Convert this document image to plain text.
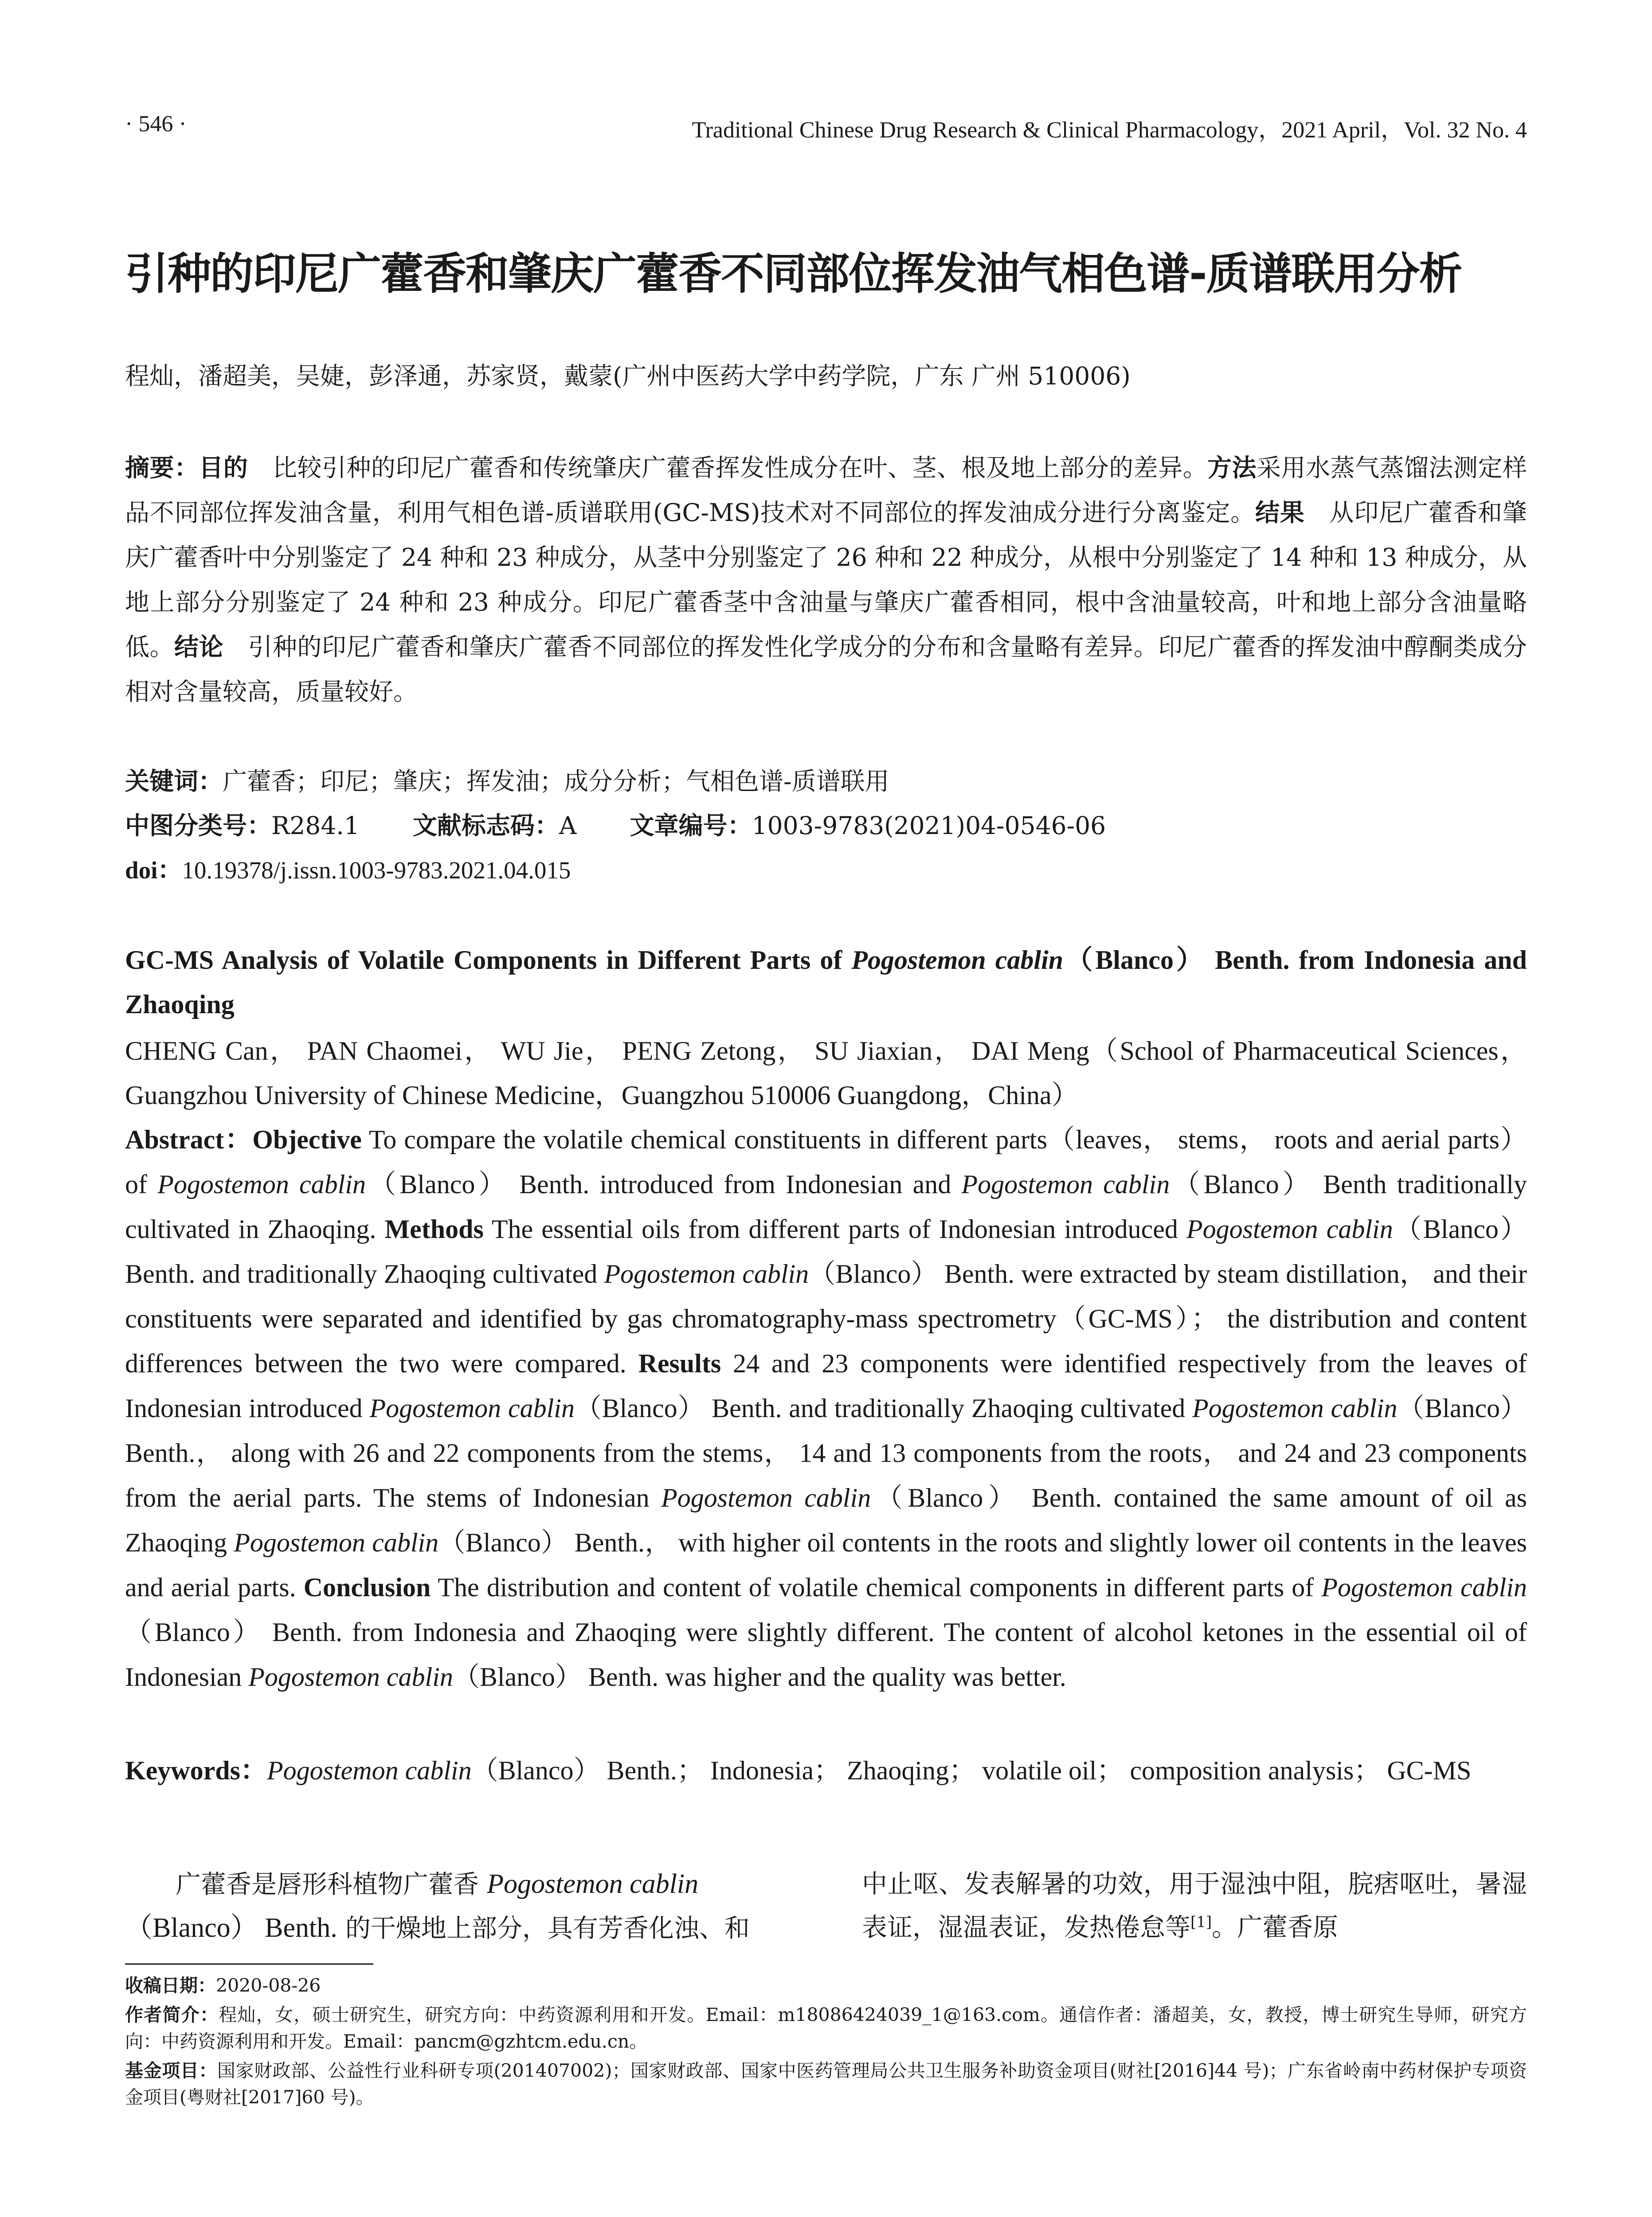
· 546 ·	Traditional Chinese Drug Research & Clinical Pharmacology，2021 April，Vol. 32 No. 4
引种的印尼广藿香和肇庆广藿香不同部位挥发油气相色谱-质谱联用分析
程灿，潘超美，吴婕，彭泽通，苏家贤，戴蒙(广州中医药大学中药学院，广东 广州 510006)
摘要：目的　比较引种的印尼广藿香和传统肇庆广藿香挥发性成分在叶、茎、根及地上部分的差异。方法采用水蒸气蒸馏法测定样品不同部位挥发油含量，利用气相色谱-质谱联用(GC-MS)技术对不同部位的挥发油成分进行分离鉴定。结果　从印尼广藿香和肇庆广藿香叶中分别鉴定了 24 种和 23 种成分，从茎中分别鉴定了 26 种和 22 种成分，从根中分别鉴定了 14 种和 13 种成分，从地上部分分别鉴定了 24 种和 23 种成分。印尼广藿香茎中含油量与肇庆广藿香相同，根中含油量较高，叶和地上部分含油量略低。结论　引种的印尼广藿香和肇庆广藿香不同部位的挥发性化学成分的分布和含量略有差异。印尼广藿香的挥发油中醇酮类成分相对含量较高，质量较好。
关键词：广藿香；印尼；肇庆；挥发油；成分分析；气相色谱-质谱联用
中图分类号：R284.1 文献标志码：A 文章编号：1003-9783(2021)04-0546-06
doi：10.19378/j.issn.1003-9783.2021.04.015
GC-MS Analysis of Volatile Components in Different Parts of Pogostemon cablin（Blanco） Benth. from Indonesia and Zhaoqing
CHENG Can， PAN Chaomei， WU Jie， PENG Zetong， SU Jiaxian， DAI Meng（School of Pharmaceutical Sciences，Guangzhou University of Chinese Medicine，Guangzhou 510006 Guangdong，China）
Abstract：Objective To compare the volatile chemical constituents in different parts（leaves， stems， roots and aerial parts） of Pogostemon cablin（Blanco） Benth. introduced from Indonesian and Pogostemon cablin（Blanco） Benth traditionally cultivated in Zhaoqing. Methods The essential oils from different parts of Indonesian introduced Pogostemon cablin（Blanco） Benth. and traditionally Zhaoqing cultivated Pogostemon cablin（Blanco） Benth. were extracted by steam distillation， and their constituents were separated and identified by gas chromatography-mass spectrometry（GC-MS）； the distribution and content differences between the two were compared. Results 24 and 23 components were identified respectively from the leaves of Indonesian introduced Pogostemon cablin（Blanco） Benth. and traditionally Zhaoqing cultivated Pogostemon cablin（Blanco） Benth.， along with 26 and 22 components from the stems， 14 and 13 components from the roots， and 24 and 23 components from the aerial parts. The stems of Indonesian Pogostemon cablin（Blanco） Benth. contained the same amount of oil as Zhaoqing Pogostemon cablin（Blanco） Benth.， with higher oil contents in the roots and slightly lower oil contents in the leaves and aerial parts. Conclusion The distribution and content of volatile chemical components in different parts of Pogostemon cablin（Blanco） Benth. from Indonesia and Zhaoqing were slightly different. The content of alcohol ketones in the essential oil of Indonesian Pogostemon cablin（Blanco） Benth. was higher and the quality was better.
Keywords：Pogostemon cablin（Blanco） Benth.； Indonesia； Zhaoqing； volatile oil； composition analysis； GC-MS
广藿香是唇形科植物广藿香 Pogostemon cablin
（Blanco） Benth. 的干燥地上部分，具有芳香化浊、和
中止呕、发表解暑的功效，用于湿浊中阻，脘痞呕吐，暑湿表证，湿温表证，发热倦怠等[1]。广藿香原

收稿日期：2020-08-26

作者简介：程灿，女，硕士研究生，研究方向：中药资源利用和开发。Email：m18086424039_1@163.com。通信作者：潘超美，女，教授，博士研究生导师，研究方向：中药资源利用和开发。Email：pancm@gzhtcm.edu.cn。

基金项目：国家财政部、公益性行业科研专项(201407002)；国家财政部、国家中医药管理局公共卫生服务补助资金项目(财社[2016]44 号)；广东省岭南中药材保护专项资金项目(粤财社[2017]60 号)。
